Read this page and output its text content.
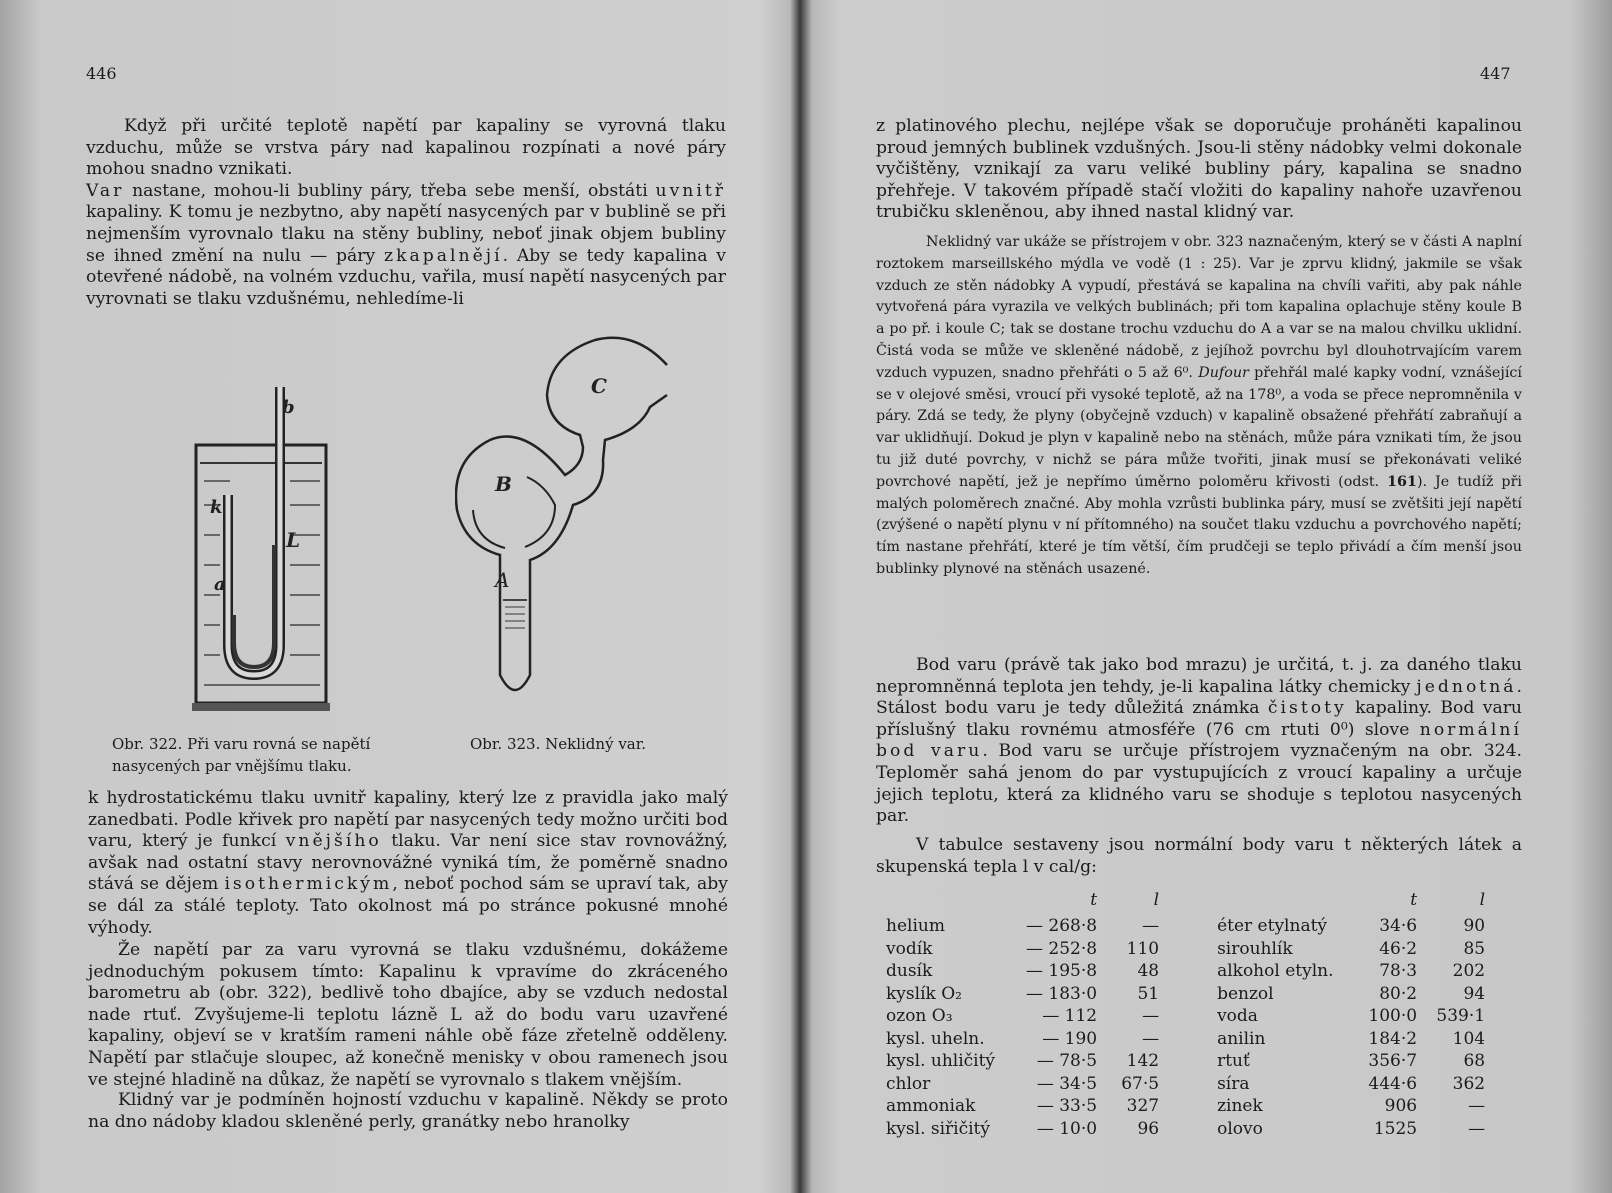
446

Když při určité teplotě napětí par kapaliny se vyrovná tlaku vzduchu, může se vrstva páry nad kapalinou rozpínati a nové páry mohou snadno vznikati.
Var nastane, mohou-li bubliny páry, třeba sebe menší, obstáti uvnitř kapaliny. K tomu je nezbytno, aby napětí nasycených par v bublině se při nejmenším vyrovnalo tlaku na stěny bubliny, neboť jinak objem bubliny se ihned změní na nulu — páry zkapalnějí. Aby se tedy kapalina v otevřené nádobě, na volném vzduchu, vařila, musí napětí nasycených par vyrovnati se tlaku vzdušnému, nehledíme-li

b
k
L
a
C
B
A
Obr. 322. Při varu rovná se napětí nasycených par vnějšímu tlaku.
Obr. 323. Neklidný var.

k hydrostatickému tlaku uvnitř kapaliny, který lze z pravidla jako malý zanedbati. Podle křivek pro napětí par nasycených tedy možno určiti bod varu, který je funkcí vnějšího tlaku. Var není sice stav rovnovážný, avšak nad ostatní stavy nerovnovážné vyniká tím, že poměrně snadno stává se dějem isothermickým, neboť pochod sám se upraví tak, aby se dál za stálé teploty. Tato okolnost má po stránce pokusné mnohé výhody.

Že napětí par za varu vyrovná se tlaku vzdušnému, dokážeme jednoduchým pokusem tímto: Kapalinu k vpravíme do zkráceného barometru ab (obr. 322), bedlivě toho dbajíce, aby se vzduch nedostal nade rtuť. Zvyšujeme-li teplotu lázně L až do bodu varu uzavřené kapaliny, objeví se v kratším rameni náhle obě fáze zřetelně odděleny. Napětí par stlačuje sloupec, až konečně menisky v obou ramenech jsou ve stejné hladině na důkaz, že napětí se vyrovnalo s tlakem vnějším.

Klidný var je podmíněn hojností vzduchu v kapalině. Někdy se proto na dno nádoby kladou skleněné perly, granátky nebo hranolky

447

z platinového plechu, nejlépe však se doporučuje proháněti kapalinou proud jemných bublinek vzdušných. Jsou-li stěny nádobky velmi dokonale vyčištěny, vznikají za varu veliké bubliny páry, kapalina se snadno přehřeje. V takovém případě stačí vložiti do kapaliny nahoře uzavřenou trubičku skleněnou, aby ihned nastal klidný var.

Neklidný var ukáže se přístrojem v obr. 323 naznačeným, který se v části A naplní roztokem marseillského mýdla ve vodě (1 : 25). Var je zprvu klidný, jakmile se však vzduch ze stěn nádobky A vypudí, přestává se kapalina na chvíli vařiti, aby pak náhle vytvořená pára vyrazila ve velkých bublinách; při tom kapalina oplachuje stěny koule B a po př. i koule C; tak se dostane trochu vzduchu do A a var se na malou chvilku uklidní. Čistá voda se může ve skleněné nádobě, z jejíhož povrchu byl dlouhotrvajícím varem vzduch vypuzen, snadno přehřáti o 5 až 6⁰. Dufour přehřál malé kapky vodní, vznášející se v olejové směsi, vroucí při vysoké teplotě, až na 178⁰, a voda se přece nepromněnila v páry. Zdá se tedy, že plyny (obyčejně vzduch) v kapalině obsažené přehřátí zabraňují a var uklidňují. Dokud je plyn v kapalině nebo na stěnách, může pára vznikati tím, že jsou tu již duté povrchy, v nichž se pára může tvořiti, jinak musí se překonávati veliké povrchové napětí, jež je nepřímo úměrno poloměru křivosti (odst. 161). Je tudíž při malých poloměrech značné. Aby mohla vzrůsti bublinka páry, musí se zvětšiti její napětí (zvýšené o napětí plynu v ní přítomného) na součet tlaku vzduchu a povrchového napětí; tím nastane přehřátí, které je tím větší, čím prudčeji se teplo přivádí a čím menší jsou bublinky plynové na stěnách usazené.

Bod varu (právě tak jako bod mrazu) je určitá, t. j. za daného tlaku nepromněnná teplota jen tehdy, je-li kapalina látky chemicky jednotná. Stálost bodu varu je tedy důležitá známka čistoty kapaliny. Bod varu příslušný tlaku rovnému atmosféře (76 cm rtuti 0⁰) slove normální bod varu. Bod varu se určuje přístrojem vyznačeným na obr. 324. Teploměr sahá jenom do par vystupujících z vroucí kapaliny a určuje jejich teplotu, která za klidného varu se shoduje s teplotou nasycených par.

V tabulce sestaveny jsou normální body varu t některých látek a skupenská tepla l v cal/g:

	t	l			t	l
helium	— 268·8	—		éter etylnatý	34·6	90
vodík	— 252·8	110		sirouhlík	46·2	85
dusík	— 195·8	48		alkohol etyln.	78·3	202
kyslík O₂	— 183·0	51		benzol	80·2	94
ozon O₃	— 112	—		voda	100·0	539·1
kysl. uheln.	— 190	—		anilin	184·2	104
kysl. uhličitý	— 78·5	142		rtuť	356·7	68
chlor	— 34·5	67·5		síra	444·6	362
ammoniak	— 33·5	327		zinek	906	—
kysl. siřičitý	— 10·0	96		olovo	1525	—
